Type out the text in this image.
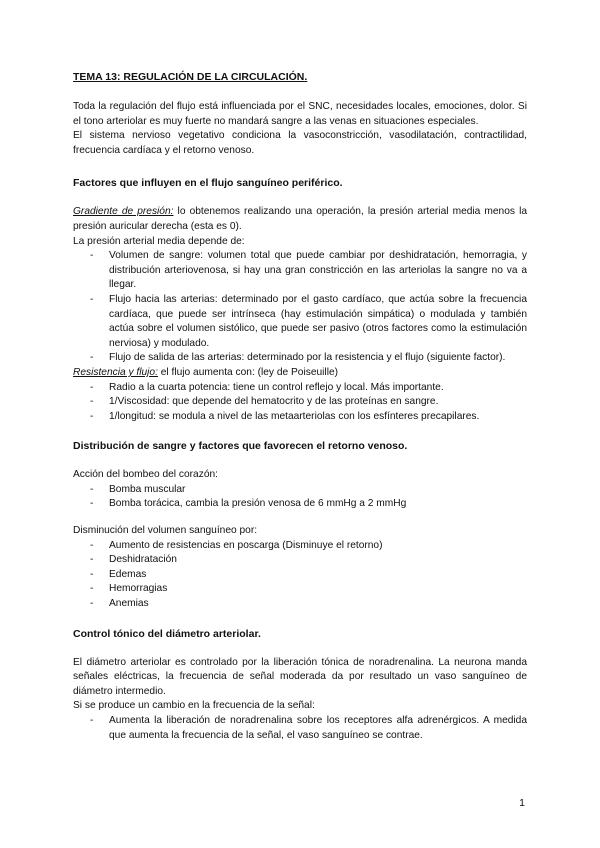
TEMA 13: REGULACIÓN DE LA CIRCULACIÓN.

Toda la regulación del flujo está influenciada por el SNC, necesidades locales, emociones, dolor. Si el tono arteriolar es muy fuerte no mandará sangre a las venas en situaciones especiales.

El sistema nervioso vegetativo condiciona la vasoconstricción, vasodilatación, contractilidad, frecuencia cardíaca y el retorno venoso.

Factores que influyen en el flujo sanguíneo periférico.

Gradiente de presión: lo obtenemos realizando una operación, la presión arterial media menos la presión auricular derecha (esta es 0).

La presión arterial media depende de:

- Volumen de sangre: volumen total que puede cambiar por deshidratación, hemorragia, y distribución arteriovenosa, si hay una gran constricción en las arteriolas la sangre no va a llegar.
- Flujo hacia las arterias: determinado por el gasto cardíaco, que actúa sobre la frecuencia cardíaca, que puede ser intrínseca (hay estimulación simpática) o modulada y también actúa sobre el volumen sistólico, que puede ser pasivo (otros factores como la estimulación nerviosa) y modulado.
- Flujo de salida de las arterias: determinado por la resistencia y el flujo (siguiente factor).

Resistencia y flujo: el flujo aumenta con: (ley de Poiseuille)

- Radio a la cuarta potencia: tiene un control reflejo y local. Más importante.
- 1/Viscosidad: que depende del hematocrito y de las proteínas en sangre.
- 1/longitud: se modula a nivel de las metaarteriolas con los esfínteres precapilares.
Distribución de sangre y factores que favorecen el retorno venoso.

Acción del bombeo del corazón:

- Bomba muscular
- Bomba torácica, cambia la presión venosa de 6 mmHg a 2 mmHg

Disminución del volumen sanguíneo por:

- Aumento de resistencias en poscarga (Disminuye el retorno)
- Deshidratación
- Edemas
- Hemorragias
- Anemias
Control tónico del diámetro arteriolar.

El diámetro arteriolar es controlado por la liberación tónica de noradrenalina. La neurona manda señales eléctricas, la frecuencia de señal moderada da por resultado un vaso sanguíneo de diámetro intermedio.

Si se produce un cambio en la frecuencia de la señal:

- Aumenta la liberación de noradrenalina sobre los receptores alfa adrenérgicos. A medida que aumenta la frecuencia de la señal, el vaso sanguíneo se contrae.
1
